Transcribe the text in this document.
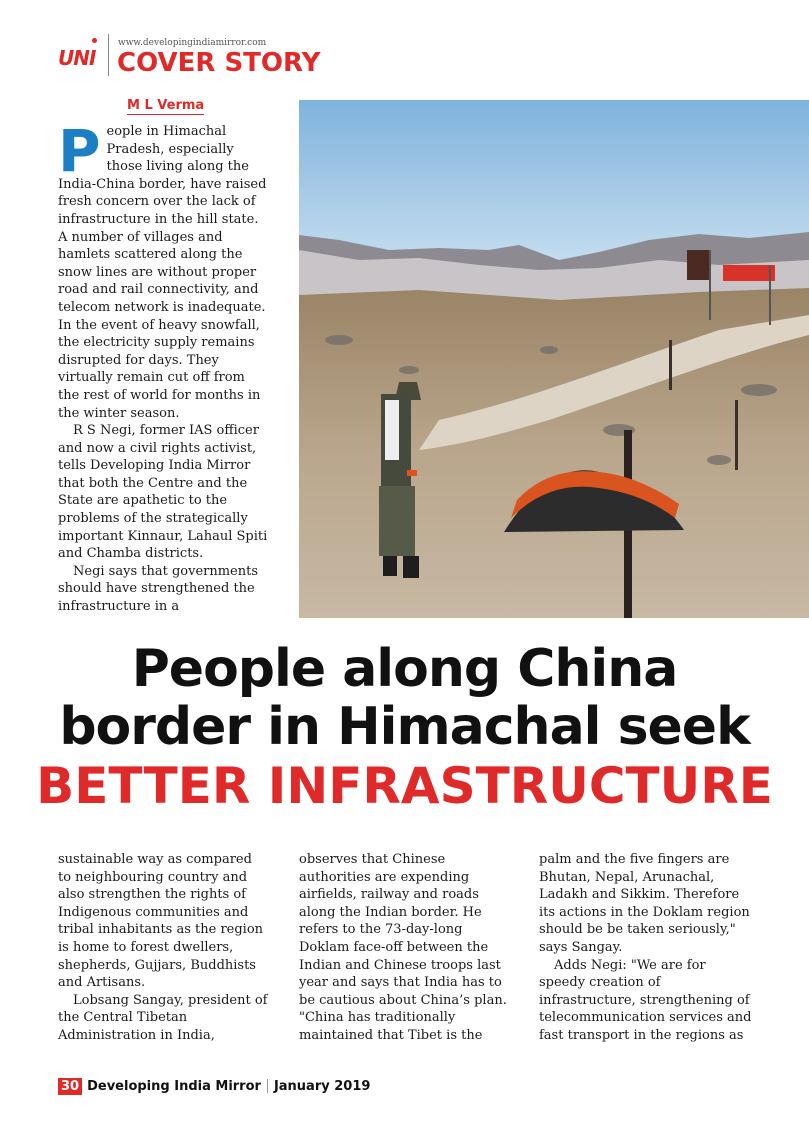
UNI
www.developingindiamirror.com
COVER STORY
M L Verma

People in Himachal Pradesh, especially those living along the India-China border, have raised fresh concern over the lack of infrastructure in the hill state. A number of villages and hamlets scattered along the snow lines are without proper road and rail connectivity, and telecom network is inadequate. In the event of heavy snowfall, the electricity supply remains disrupted for days. They virtually remain cut off from the rest of world for months in the winter season.

R S Negi, former IAS officer and now a civil rights activist, tells Developing India Mirror that both the Centre and the State are apathetic to the problems of the strategically important Kinnaur, Lahaul Spiti and Chamba districts.

Negi says that governments should have strengthened the infrastructure in a

People along China
border in Himachal seek
BETTER INFRASTRUCTURE

sustainable way as compared to neighbouring country and also strengthen the rights of Indigenous communities and tribal inhabitants as the region is home to forest dwellers, shepherds, Gujjars, Buddhists and Artisans.

Lobsang Sangay, president of the Central Tibetan Administration in India,

observes that Chinese authorities are expending airfields, railway and roads along the Indian border. He refers to the 73-day-long Doklam face-off between the Indian and Chinese troops last year and says that India has to be cautious about China’s plan. "China has traditionally maintained that Tibet is the

palm and the five fingers are Bhutan, Nepal, Arunachal, Ladakh and Sikkim. Therefore its actions in the Doklam region should be be taken seriously," says Sangay.

Adds Negi: "We are for speedy creation of infrastructure, strengthening of telecommunication services and fast transport in the regions as

30 Developing India Mirror January 2019
